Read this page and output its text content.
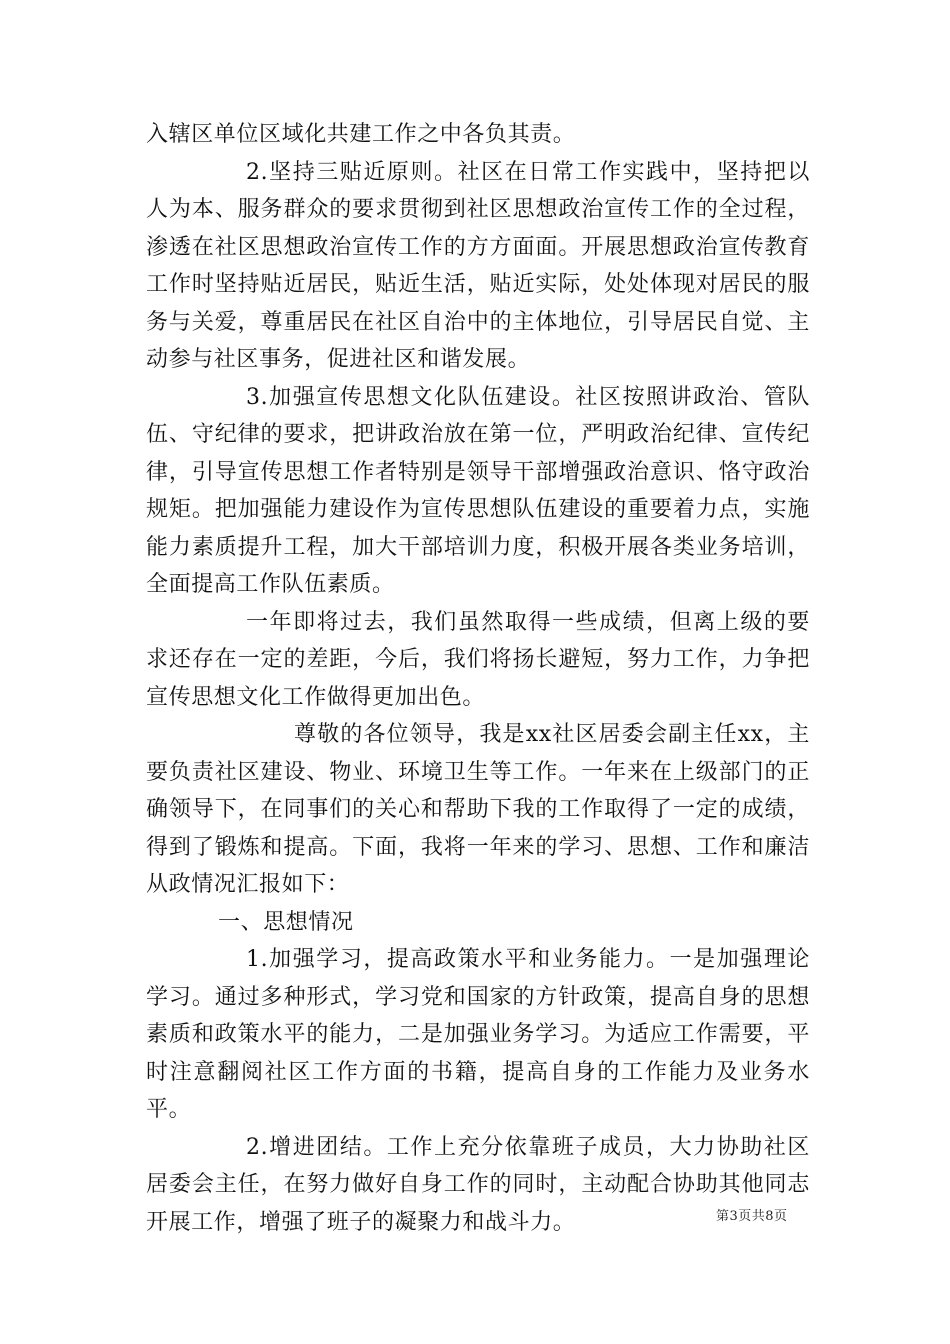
入辖区单位区域化共建工作之中各负其责。

2.坚持三贴近原则。社区在日常工作实践中，坚持把以人为本、服务群众的要求贯彻到社区思想政治宣传工作的全过程，渗透在社区思想政治宣传工作的方方面面。开展思想政治宣传教育工作时坚持贴近居民，贴近生活，贴近实际，处处体现对居民的服务与关爱，尊重居民在社区自治中的主体地位，引导居民自觉、主动参与社区事务，促进社区和谐发展。

3.加强宣传思想文化队伍建设。社区按照讲政治、管队伍、守纪律的要求，把讲政治放在第一位，严明政治纪律、宣传纪律，引导宣传思想工作者特别是领导干部增强政治意识、恪守政治规矩。把加强能力建设作为宣传思想队伍建设的重要着力点，实施能力素质提升工程，加大干部培训力度，积极开展各类业务培训，全面提高工作队伍素质。

一年即将过去，我们虽然取得一些成绩，但离上级的要求还存在一定的差距，今后，我们将扬长避短，努力工作，力争把宣传思想文化工作做得更加出色。

尊敬的各位领导，我是xx社区居委会副主任xx，主要负责社区建设、物业、环境卫生等工作。一年来在上级部门的正确领导下，在同事们的关心和帮助下我的工作取得了一定的成绩，得到了锻炼和提高。下面，我将一年来的学习、思想、工作和廉洁从政情况汇报如下：

一、思想情况

1.加强学习，提高政策水平和业务能力。一是加强理论学习。通过多种形式，学习党和国家的方针政策，提高自身的思想素质和政策水平的能力，二是加强业务学习。为适应工作需要，平时注意翻阅社区工作方面的书籍，提高自身的工作能力及业务水平。

2.增进团结。工作上充分依靠班子成员，大力协助社区居委会主任，在努力做好自身工作的同时，主动配合协助其他同志开展工作，增强了班子的凝聚力和战斗力。	第3页共8页
